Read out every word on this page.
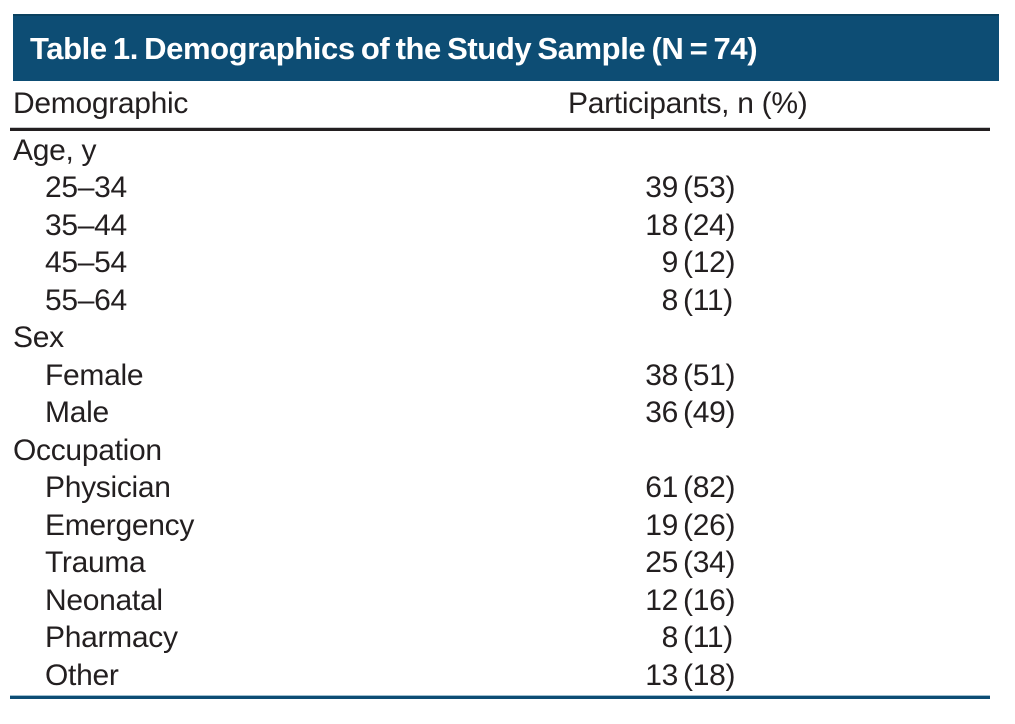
Table 1. Demographics of the Study Sample (N = 74)
Demographic	Participants, n (%)
Age, y
25–34	39 (53)
35–44	18 (24)
45–54	9 (12)
55–64	8 (11)
Sex
Female	38 (51)
Male	36 (49)
Occupation
Physician	61 (82)
Emergency	19 (26)
Trauma	25 (34)
Neonatal	12 (16)
Pharmacy	8 (11)
Other	13 (18)
